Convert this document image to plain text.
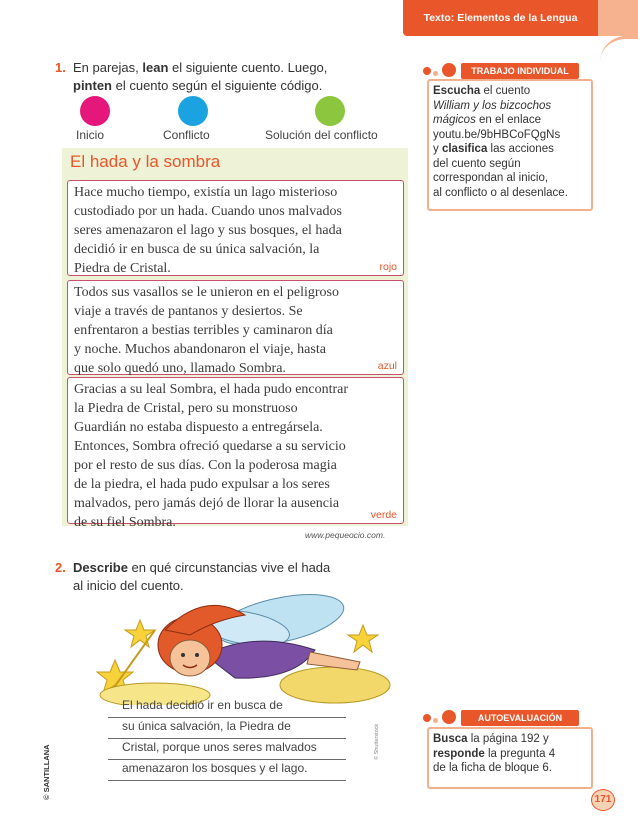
Texto: Elementos de la Lengua
1. En parejas, lean el siguiente cuento. Luego,
pinten el cuento según el siguiente código.
Inicio	Conflicto	Solución del conflicto
El hada y la sombra

Hace mucho tiempo, existía un lago misterioso
custodiado por un hada. Cuando unos malvados
seres amenazaron el lago y sus bosques, el hada
decidió ir en busca de su única salvación, la
Piedra de Cristal.	rojo

Todos sus vasallos se le unieron en el peligroso
viaje a través de pantanos y desiertos. Se
enfrentaron a bestias terribles y caminaron día
y noche. Muchos abandonaron el viaje, hasta
que solo quedó uno, llamado Sombra.	azul

Gracias a su leal Sombra, el hada pudo encontrar
la Piedra de Cristal, pero su monstruoso
Guardián no estaba dispuesto a entregársela.
Entonces, Sombra ofreció quedarse a su servicio
por el resto de sus días. Con la poderosa magia
de la piedra, el hada pudo expulsar a los seres
malvados, pero jamás dejó de llorar la ausencia
de su fiel Sombra.	verde
www.pequeocio.com.
2. Describe en qué circunstancias vive el hada
al inicio del cuento.
El hada decidió ir en busca de
su única salvación, la Piedra de
Cristal, porque unos seres malvados
amenazaron los bosques y el lago.
© Shutterstock
TRABAJO INDIVIDUAL
Escucha el cuento
William y los bizcochos
mágicos en el enlace
youtu.be/9bHBCoFQgNs
y clasifica las acciones
del cuento según
correspondan al inicio,
al conflicto o al desenlace.
AUTOEVALUACIÓN
Busca la página 192 y
responde la pregunta 4
de la ficha de bloque 6.
© SANTILLANA	171
